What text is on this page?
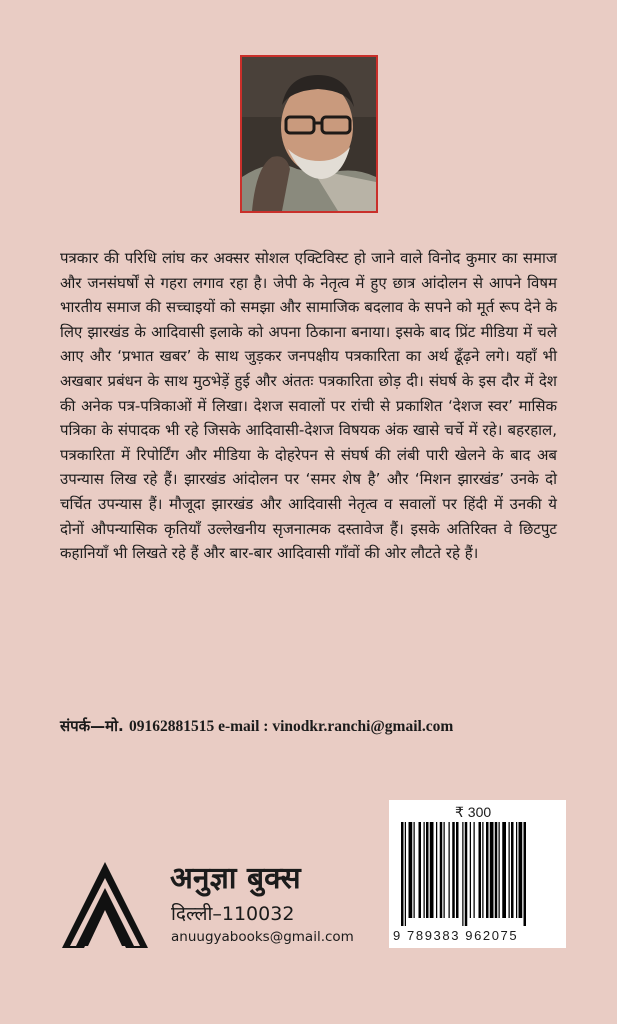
पत्रकार की परिधि लांघ कर अक्सर सोशल एक्टिविस्ट हो जाने वाले विनोद कुमार का समाज और जनसंघर्षों से गहरा लगाव रहा है। जेपी के नेतृत्व में हुए छात्र आंदोलन से आपने विषम भारतीय समाज की सच्चाइयों को समझा और सामाजिक बदलाव के सपने को मूर्त रूप देने के लिए झारखंड के आदिवासी इलाके को अपना ठिकाना बनाया। इसके बाद प्रिंट मीडिया में चले आए और ‘प्रभात खबर’ के साथ जुड़कर जनपक्षीय पत्रकारिता का अर्थ ढूँढ़ने लगे। यहाँ भी अखबार प्रबंधन के साथ मुठभेड़ें हुई और अंततः पत्रकारिता छोड़ दी। संघर्ष के इस दौर में देश की अनेक पत्र-पत्रिकाओं में लिखा। देशज सवालों पर रांची से प्रकाशित ‘देशज स्वर’ मासिक पत्रिका के संपादक भी रहे जिसके आदिवासी-देशज विषयक अंक खासे चर्चे में रहे। बहरहाल, पत्रकारिता में रिपोर्टिंग और मीडिया के दोहरेपन से संघर्ष की लंबी पारी खेलने के बाद अब उपन्यास लिख रहे हैं। झारखंड आंदोलन पर ‘समर शेष है’ और ‘मिशन झारखंड’ उनके दो चर्चित उपन्यास हैं। मौजूदा झारखंड और आदिवासी नेतृत्व व सवालों पर हिंदी में उनकी ये दोनों औपन्यासिक कृतियाँ उल्लेखनीय सृजनात्मक दस्तावेज हैं। इसके अतिरिक्त वे छिटपुट कहानियाँ भी लिखते रहे हैं और बार-बार आदिवासी गाँवों की ओर लौटते रहे हैं।

संपर्क—मो. 09162881515 e-mail : vinodkr.ranchi@gmail.com
अनुज्ञा बुक्स
दिल्ली–110032
anuugyabooks@gmail.com
₹ 300
9 789383 962075
